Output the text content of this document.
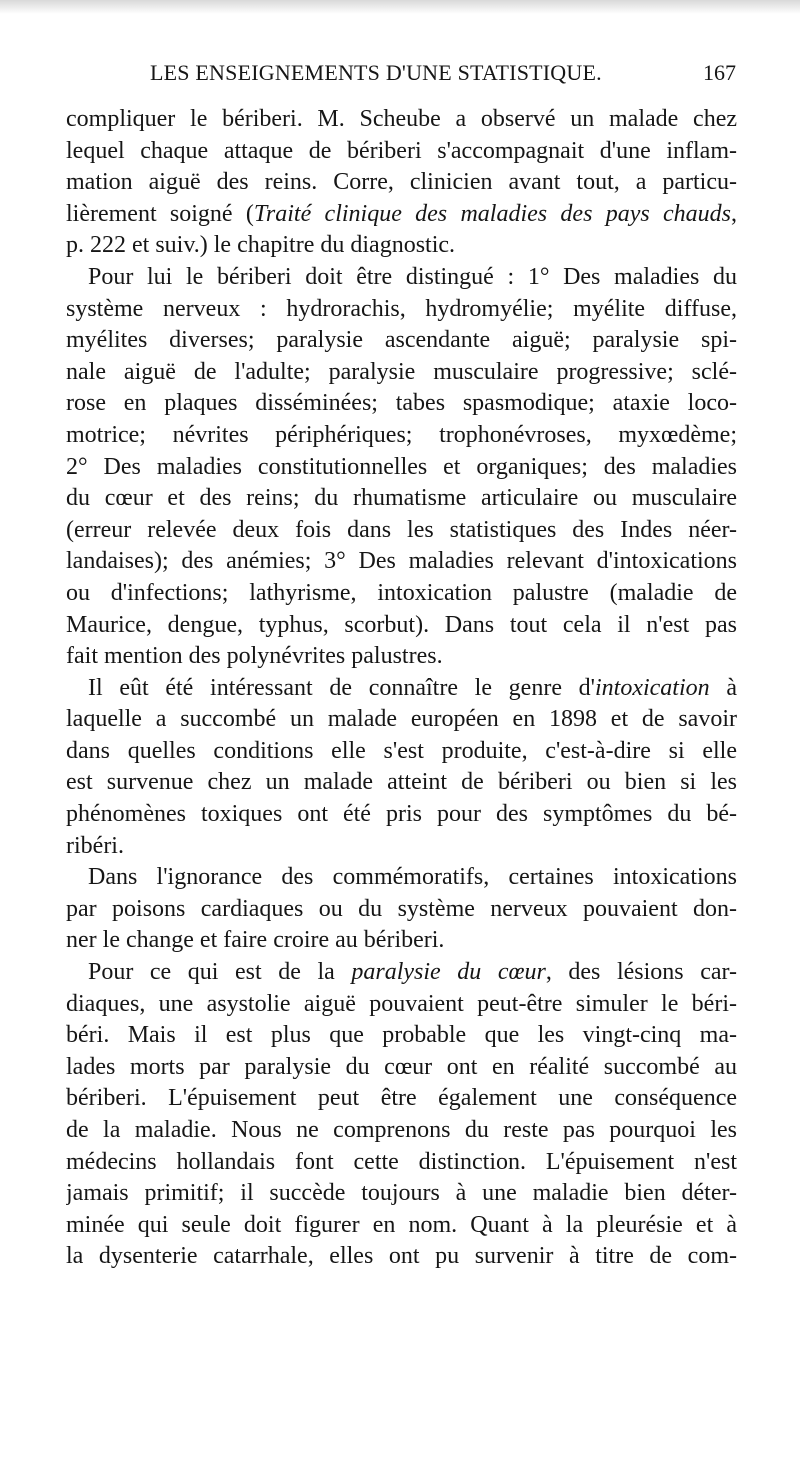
LES ENSEIGNEMENTS D'UNE STATISTIQUE.	167
compliquer le bériberi. M. Scheube a observé un malade chez
lequel chaque attaque de bériberi s'accompagnait d'une inflam-
mation aiguë des reins. Corre, clinicien avant tout, a particu-
lièrement soigné (Traité clinique des maladies des pays chauds,
p. 222 et suiv.) le chapitre du diagnostic.
Pour lui le bériberi doit être distingué : 1° Des maladies du
système nerveux : hydrorachis, hydromyélie; myélite diffuse,
myélites diverses; paralysie ascendante aiguë; paralysie spi-
nale aiguë de l'adulte; paralysie musculaire progressive; sclé-
rose en plaques disséminées; tabes spasmodique; ataxie loco-
motrice; névrites périphériques; trophonévroses, myxœdème;
2° Des maladies constitutionnelles et organiques; des maladies
du cœur et des reins; du rhumatisme articulaire ou musculaire
(erreur relevée deux fois dans les statistiques des Indes néer-
landaises); des anémies; 3° Des maladies relevant d'intoxications
ou d'infections; lathyrisme, intoxication palustre (maladie de
Maurice, dengue, typhus, scorbut). Dans tout cela il n'est pas
fait mention des polynévrites palustres.
Il eût été intéressant de connaître le genre d'intoxication à
laquelle a succombé un malade européen en 1898 et de savoir
dans quelles conditions elle s'est produite, c'est-à-dire si elle
est survenue chez un malade atteint de bériberi ou bien si les
phénomènes toxiques ont été pris pour des symptômes du bé-
ribéri.
Dans l'ignorance des commémoratifs, certaines intoxications
par poisons cardiaques ou du système nerveux pouvaient don-
ner le change et faire croire au bériberi.
Pour ce qui est de la paralysie du cœur, des lésions car-
diaques, une asystolie aiguë pouvaient peut-être simuler le béri-
béri. Mais il est plus que probable que les vingt-cinq ma-
lades morts par paralysie du cœur ont en réalité succombé au
bériberi. L'épuisement peut être également une conséquence
de la maladie. Nous ne comprenons du reste pas pourquoi les
médecins hollandais font cette distinction. L'épuisement n'est
jamais primitif; il succède toujours à une maladie bien déter-
minée qui seule doit figurer en nom. Quant à la pleurésie et à
la dysenterie catarrhale, elles ont pu survenir à titre de com-
